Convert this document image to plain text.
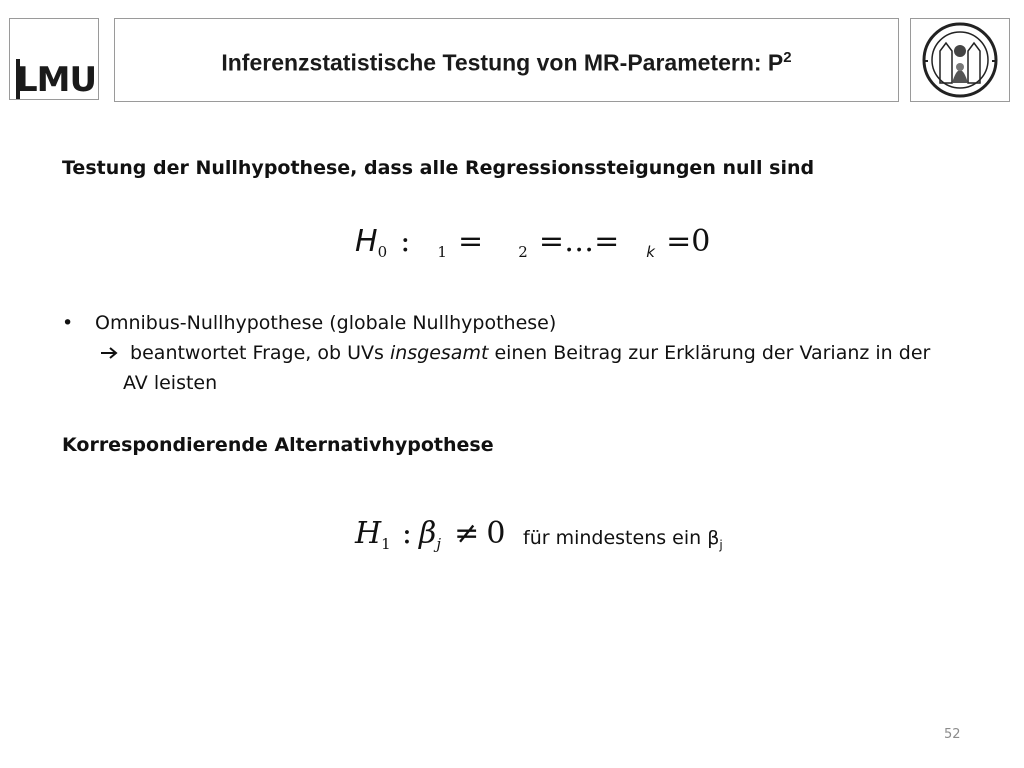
LMU	Inferenzstatistische Testung von MR-Parametern: $P^2$
Testung der Nullhypothese, dass alle Regressionssteigungen null sind
H0 : 1 = 2 =…= k =0
• Omnibus-Nullhypothese (globale Nullhypothese)
beantwortet Frage, ob UVs insgesamt einen Beitrag zur Erklärung der Varianz in der
AV leisten
Korrespondierende Alternativhypothese
H1 : βj ≠ 0 für mindestens ein $\beta_j$
52
